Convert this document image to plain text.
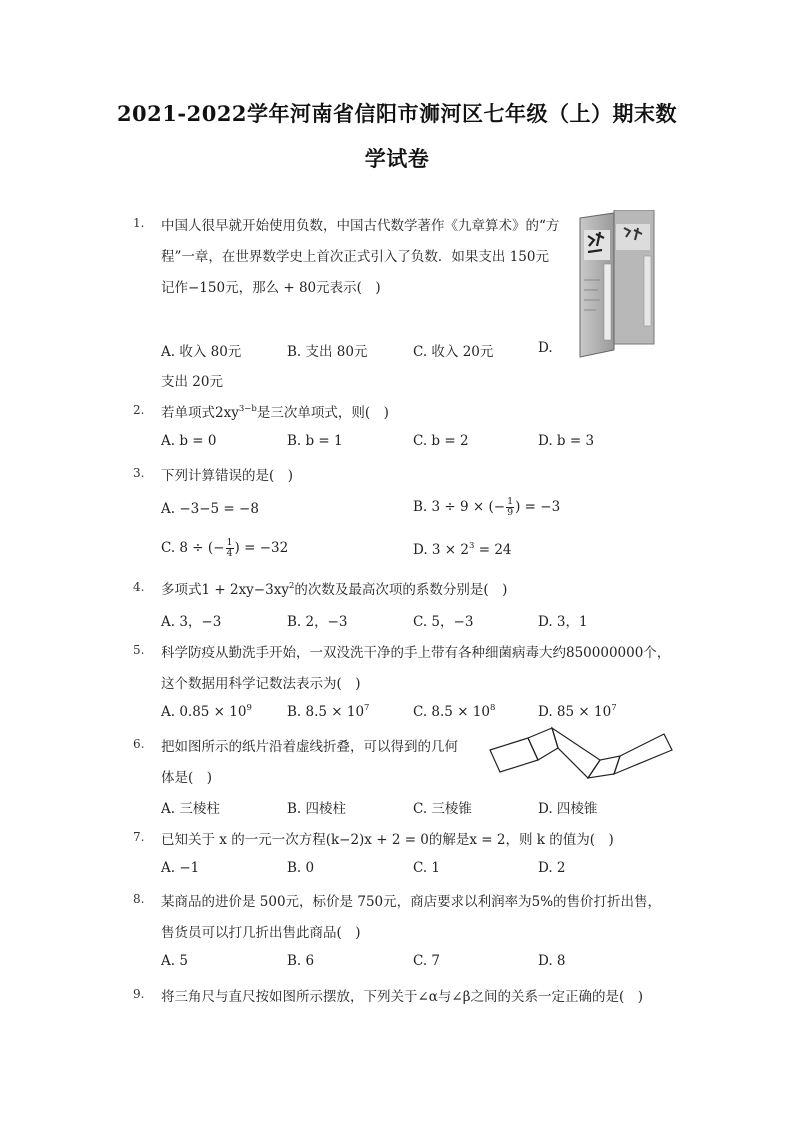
2021-2022学年河南省信阳市浉河区七年级（上）期末数
学试卷
1. 中国人很早就开始使用负数，中国古代数学著作《九章算术》的“方
程”一章，在世界数学史上首次正式引入了负数．如果支出 150元
记作−150元，那么 + 80元表示(　)
A. 收入 80元	B. 支出 80元	C. 收入 20元	D.
支出 20元
2. 若单项式$2xy^{3-b}$是三次单项式，则(　)
A. b = 0	B. b = 1	C. b = 2	D. b = 3
3. 下列计算错误的是(　)
A. −3−5 = −8	B. 3 ÷ 9 × (− $\frac{1}{9}$ ) = −3
C. 8 ÷ (− $\frac{1}{4}$ ) = −32	D. $3 \times 2^3 = 24$
4. 多项式$1 + 2xy-3xy^2$的次数及最高次项的系数分别是(　)
A. 3，−3	B. 2，−3	C. 5，−3	D. 3，1
5. 科学防疫从勤洗手开始，一双没洗干净的手上带有各种细菌病毒大约850000000个，
这个数据用科学记数法表示为(　)
A. $0.85 \times 10^9$	B. $8.5 \times 10^7$	C. $8.5 \times 10^8$	D. $85 \times 10^7$
6. 把如图所示的纸片沿着虚线折叠，可以得到的几何
体是(　)
A. 三棱柱	B. 四棱柱	C. 三棱锥	D. 四棱锥
7. 已知关于 x 的一元一次方程(k−2)x + 2 = 0的解是x = 2，则 k 的值为(　)
A. −1	B. 0	C. 1	D. 2
8. 某商品的进价是 500元，标价是 750元，商店要求以利润率为5%的售价打折出售，
售货员可以打几折出售此商品(　)
A. 5	B. 6	C. 7	D. 8
9. 将三角尺与直尺按如图所示摆放，下列关于∠α与∠β之间的关系一定正确的是(　)
